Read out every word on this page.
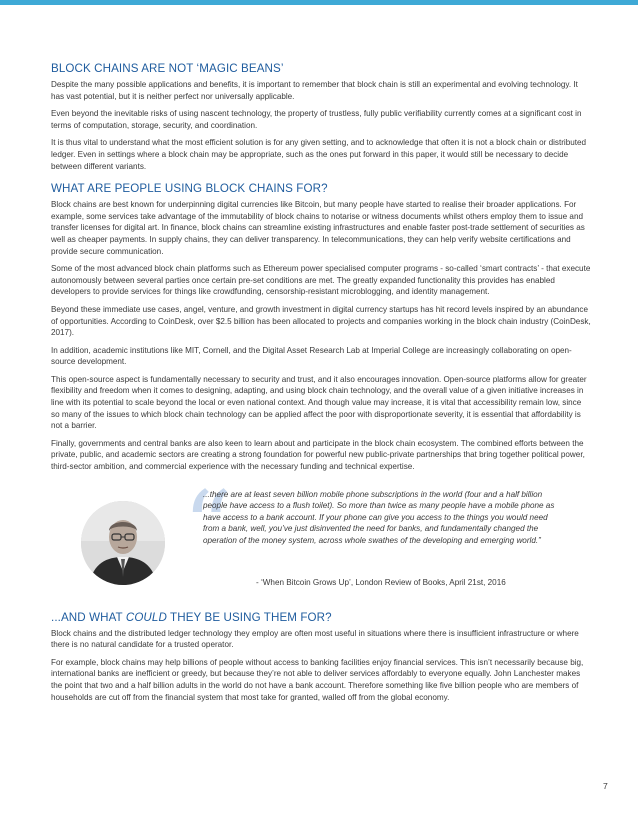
BLOCK CHAINS ARE NOT ‘MAGIC BEANS’

Despite the many possible applications and benefits, it is important to remember that block chain is still an experimental and evolving technology. It has vast potential, but it is neither perfect nor universally applicable.

Even beyond the inevitable risks of using nascent technology, the property of trustless, fully public verifiability currently comes at a significant cost in terms of computation, storage, security, and coordination.

It is thus vital to understand what the most efficient solution is for any given setting, and to acknowledge that often it is not a block chain or distributed ledger. Even in settings where a block chain may be appropriate, such as the ones put forward in this paper, it would still be necessary to decide between different variants.

WHAT ARE PEOPLE USING BLOCK CHAINS FOR?

Block chains are best known for underpinning digital currencies like Bitcoin, but many people have started to realise their broader applications. For example, some services take advantage of the immutability of block chains to notarise or witness documents whilst others employ them to issue and transfer licenses for digital art. In finance, block chains can streamline existing infrastructures and enable faster post-trade settlement of securities as well as cheaper payments. In supply chains, they can deliver transparency. In telecommunications, they can help verify website certifications and provide secure communication.

Some of the most advanced block chain platforms such as Ethereum power specialised computer programs - so-called ‘smart contracts’ - that execute autonomously between several parties once certain pre-set conditions are met. The greatly expanded functionality this provides has enabled developers to provide services for things like crowdfunding, censorship-resistant microblogging, and identity management.

Beyond these immediate use cases, angel, venture, and growth investment in digital currency startups has hit record levels inspired by an abundance of opportunities. According to CoinDesk, over $2.5 billion has been allocated to projects and companies working in the block chain industry (CoinDesk, 2017).

In addition, academic institutions like MIT, Cornell, and the Digital Asset Research Lab at Imperial College are increasingly collaborating on open-source development.

This open-source aspect is fundamentally necessary to security and trust, and it also encourages innovation. Open-source platforms allow for greater flexibility and freedom when it comes to designing, adapting, and using block chain technology, and the overall value of a given initiative increases in line with its potential to scale beyond the local or even national context. And though value may increase, it is vital that accessibility remain low, since so many of the issues to which block chain technology can be applied affect the poor with disproportionate severity, it is essential that affordability is not a barrier.

Finally, governments and central banks are also keen to learn about and participate in the block chain ecosystem. The combined efforts between the private, public, and academic sectors are creating a strong foundation for powerful new public-private partnerships that bring together political power, third-sector ambition, and commercial experience with the necessary funding and technical expertise.

“

...there are at least seven billion mobile phone subscriptions in the world (four and a half billion people have access to a flush toilet). So more than twice as many people have a mobile phone as have access to a bank account. If your phone can give you access to the things you would need from a bank, well, you’ve just disinvented the need for banks, and fundamentally changed the operation of the money system, across whole swathes of the developing and emerging world.”

- ‘When Bitcoin Grows Up’, London Review of Books, April 21st, 2016

...AND WHAT COULD THEY BE USING THEM FOR?

Block chains and the distributed ledger technology they employ are often most useful in situations where there is insufficient infrastructure or where there is no natural candidate for a trusted operator.

For example, block chains may help billions of people without access to banking facilities enjoy financial services. This isn’t necessarily because big, international banks are inefficient or greedy, but because they’re not able to deliver services affordably to everyone equally. John Lanchester makes the point that two and a half billion adults in the world do not have a bank account. Therefore something like five billion people who are members of households are cut off from the financial system that most take for granted, walled off from the global economy.

7
